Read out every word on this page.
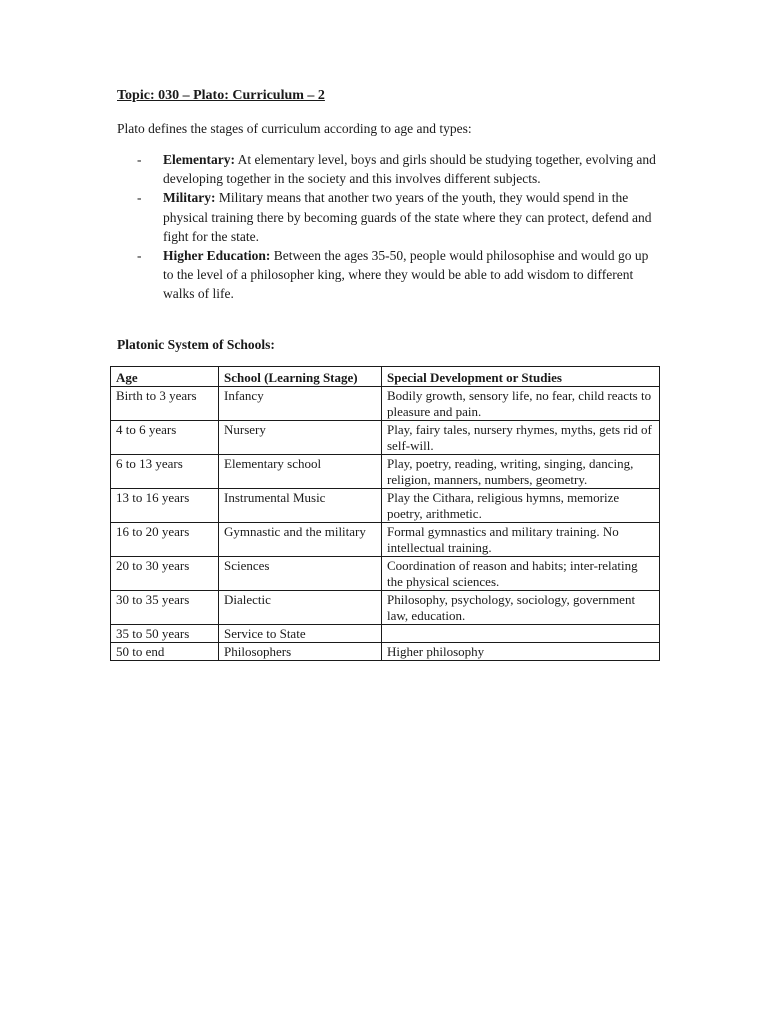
Topic: 030 – Plato: Curriculum – 2
Plato defines the stages of curriculum according to age and types:
- Elementary: At elementary level, boys and girls should be studying together, evolving and developing together in the society and this involves different subjects.
- Military: Military means that another two years of the youth, they would spend in the physical training there by becoming guards of the state where they can protect, defend and fight for the state.
- Higher Education: Between the ages 35-50, people would philosophise and would go up to the level of a philosopher king, where they would be able to add wisdom to different walks of life.
Platonic System of Schools:
Age	School (Learning Stage)	Special Development or Studies
Birth to 3 years	Infancy	Bodily growth, sensory life, no fear, child reacts to pleasure and pain.
4 to 6 years	Nursery	Play, fairy tales, nursery rhymes, myths, gets rid of self-will.
6 to 13 years	Elementary school	Play, poetry, reading, writing, singing, dancing, religion, manners, numbers, geometry.
13 to 16 years	Instrumental Music	Play the Cithara, religious hymns, memorize poetry, arithmetic.
16 to 20 years	Gymnastic and the military	Formal gymnastics and military training. No intellectual training.
20 to 30 years	Sciences	Coordination of reason and habits; inter-relating the physical sciences.
30 to 35 years	Dialectic	Philosophy, psychology, sociology, government law, education.
35 to 50 years	Service to State	
50 to end	Philosophers	Higher philosophy
